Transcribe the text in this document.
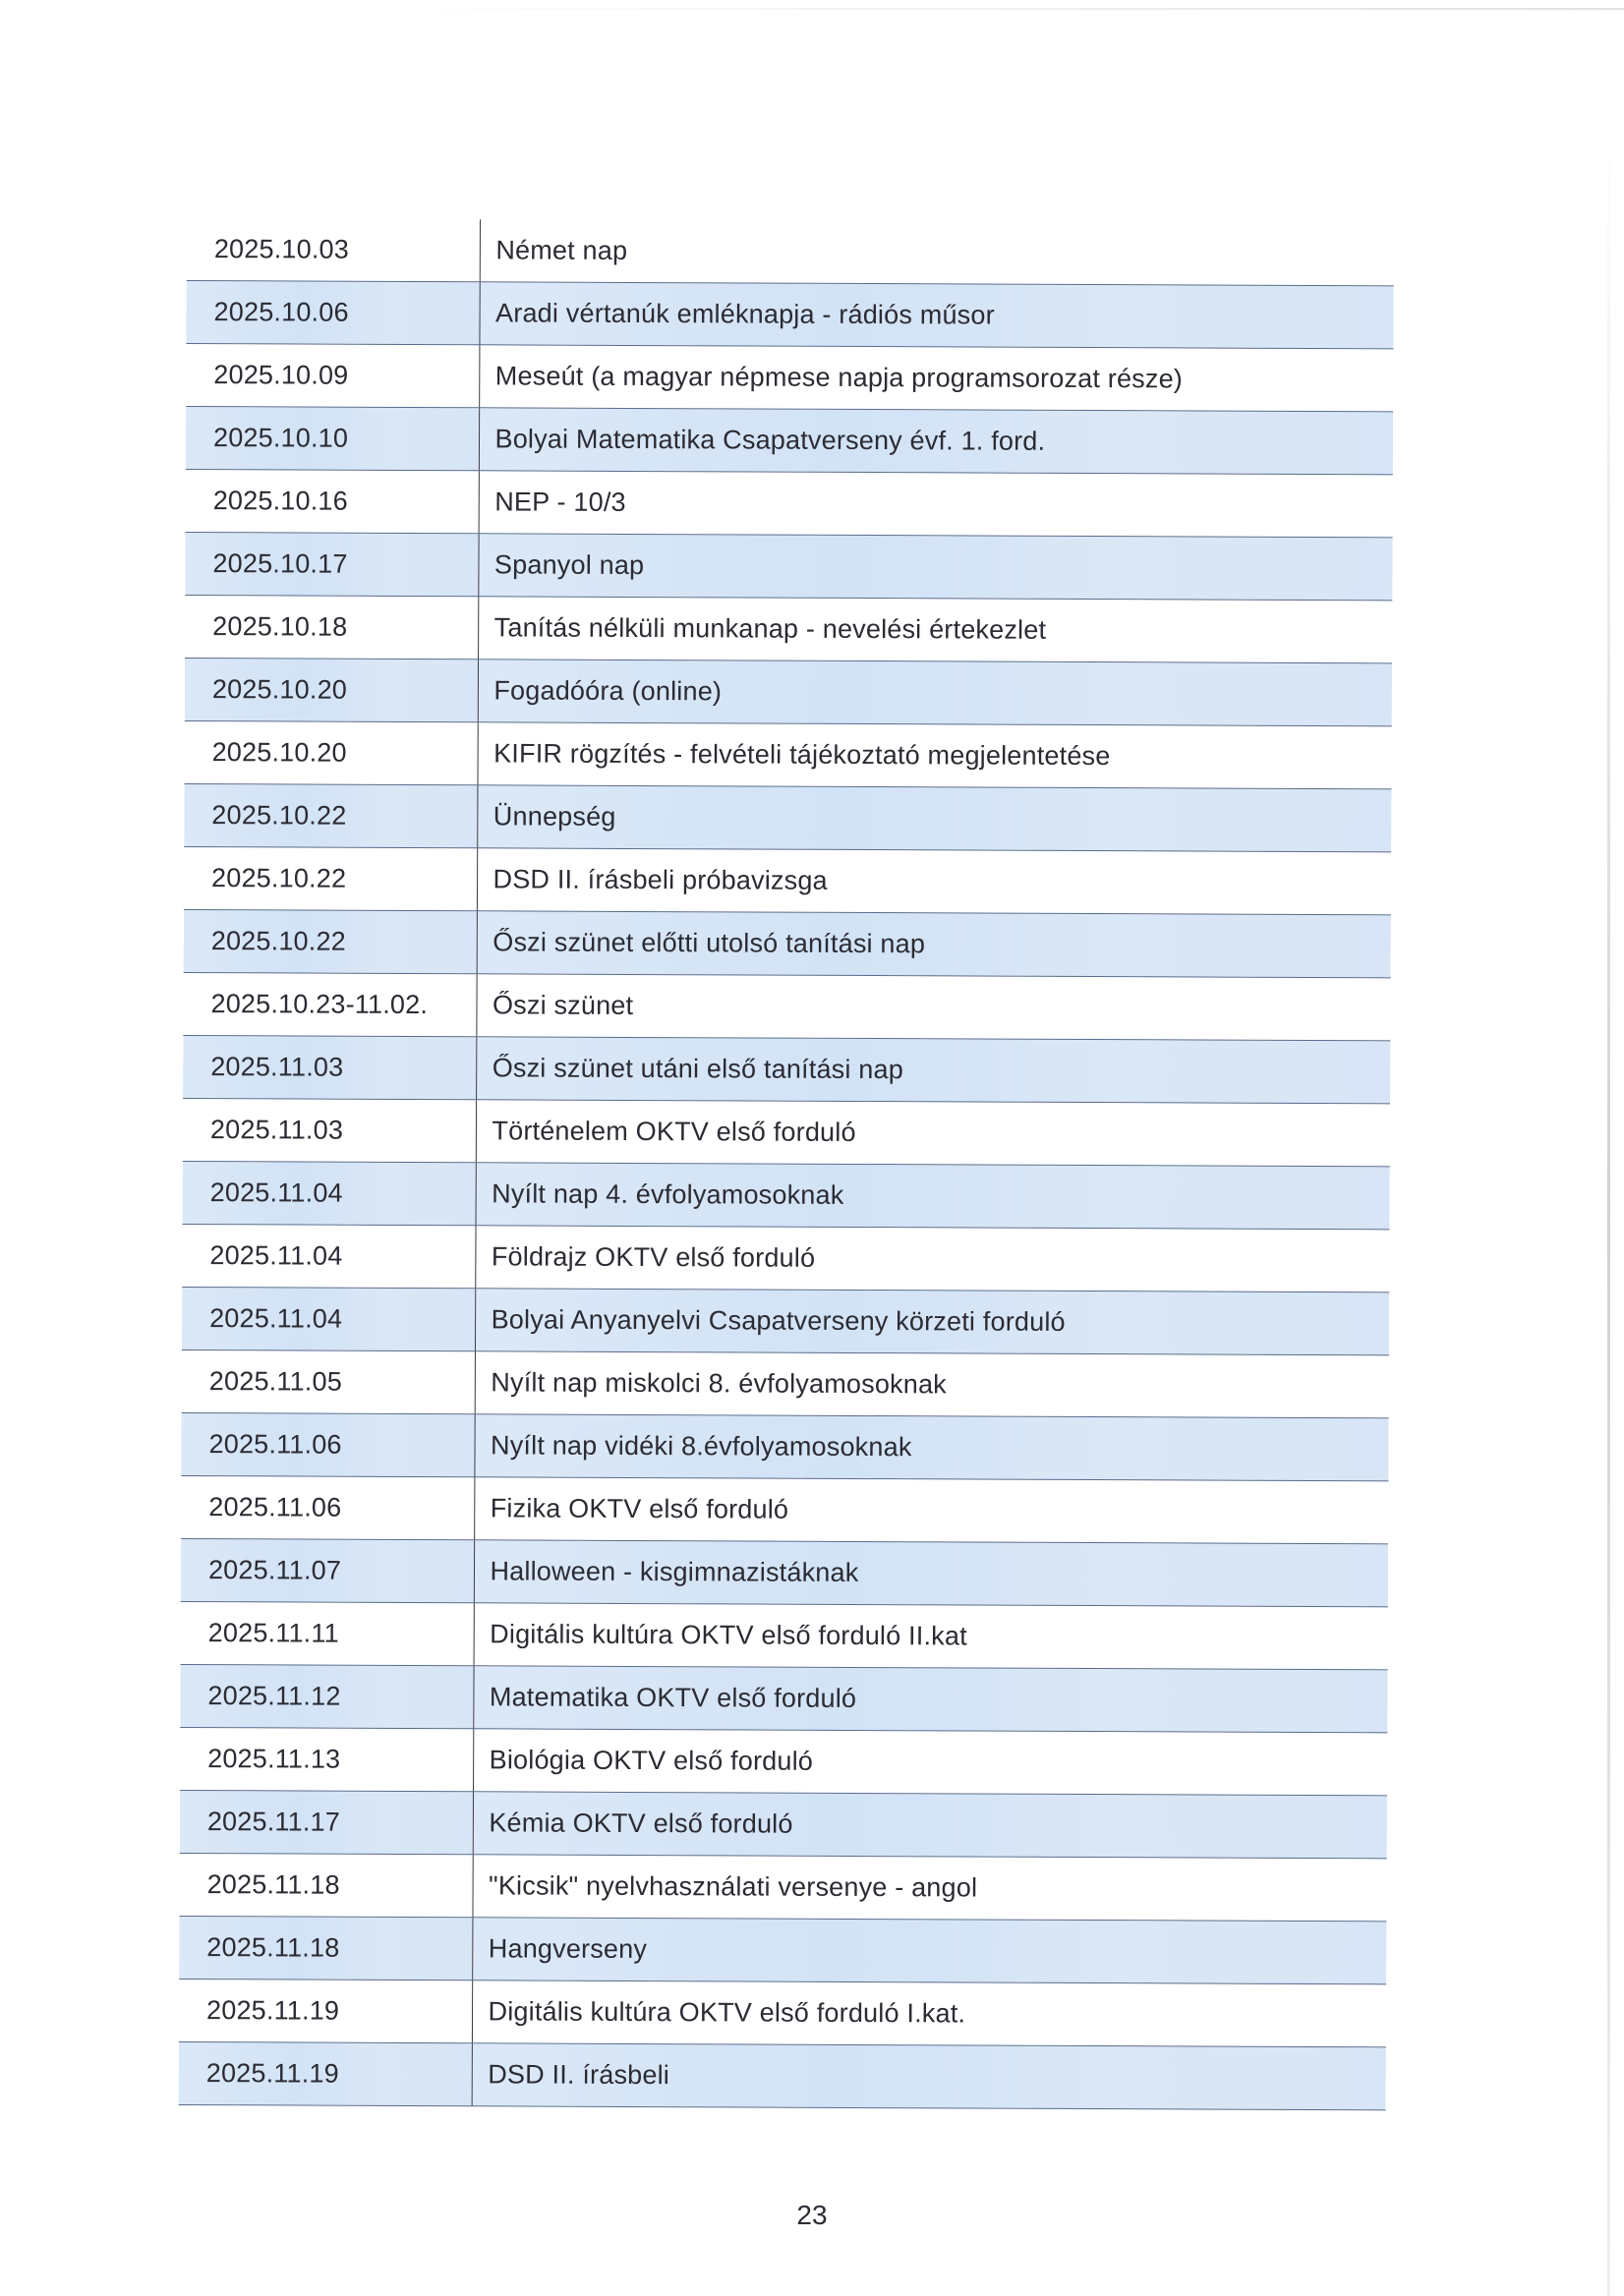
2025.10.03	Német nap
2025.10.06	Aradi vértanúk emléknapja - rádiós műsor
2025.10.09	Meseút (a magyar népmese napja programsorozat része)
2025.10.10	Bolyai Matematika Csapatverseny évf. 1. ford.
2025.10.16	NEP - 10/3
2025.10.17	Spanyol nap
2025.10.18	Tanítás nélküli munkanap - nevelési értekezlet
2025.10.20	Fogadóóra (online)
2025.10.20	KIFIR rögzítés - felvételi tájékoztató megjelentetése
2025.10.22	Ünnepség
2025.10.22	DSD II. írásbeli próbavizsga
2025.10.22	Őszi szünet előtti utolsó tanítási nap
2025.10.23-11.02.	Őszi szünet
2025.11.03	Őszi szünet utáni első tanítási nap
2025.11.03	Történelem OKTV első forduló
2025.11.04	Nyílt nap 4. évfolyamosoknak
2025.11.04	Földrajz OKTV első forduló
2025.11.04	Bolyai Anyanyelvi Csapatverseny körzeti forduló
2025.11.05	Nyílt nap miskolci 8. évfolyamosoknak
2025.11.06	Nyílt nap vidéki 8.évfolyamosoknak
2025.11.06	Fizika OKTV első forduló
2025.11.07	Halloween - kisgimnazistáknak
2025.11.11	Digitális kultúra OKTV első forduló II.kat
2025.11.12	Matematika OKTV első forduló
2025.11.13	Biológia OKTV első forduló
2025.11.17	Kémia OKTV első forduló
2025.11.18	"Kicsik" nyelvhasználati versenye - angol
2025.11.18	Hangverseny
2025.11.19	Digitális kultúra OKTV első forduló I.kat.
2025.11.19	DSD II. írásbeli
23
